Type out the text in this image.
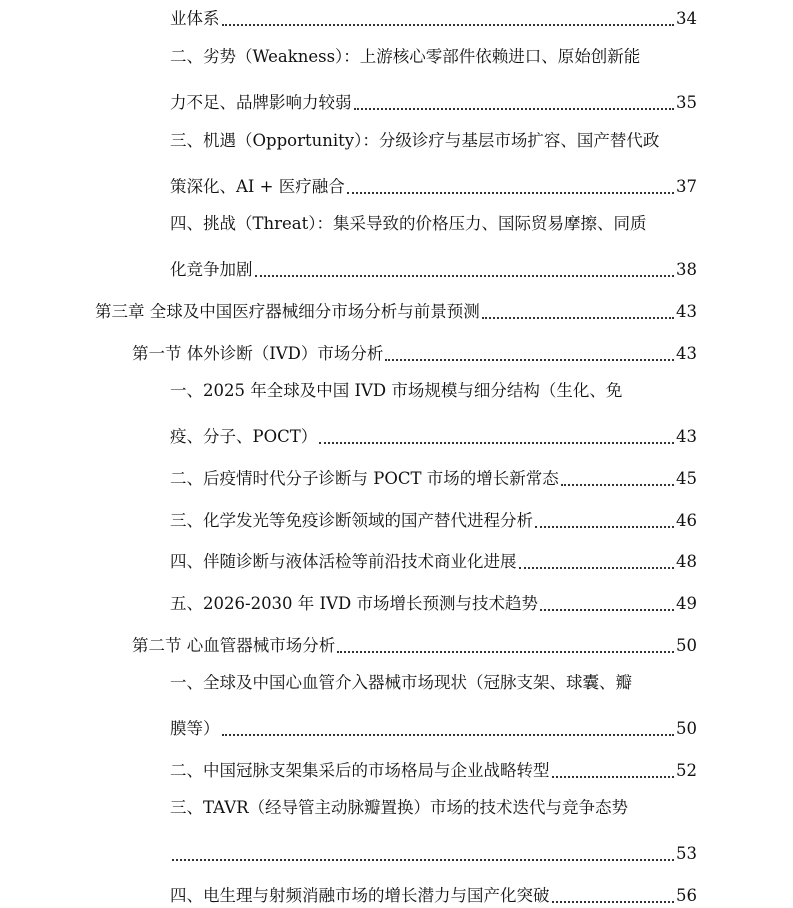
业体系	34
二、劣势（Weakness）：上游核心零部件依赖进口、原始创新能
力不足、品牌影响力较弱	35
三、机遇（Opportunity）：分级诊疗与基层市场扩容、国产替代政
策深化、AI + 医疗融合	37
四、挑战（Threat）：集采导致的价格压力、国际贸易摩擦、同质
化竞争加剧	38
第三章 全球及中国医疗器械细分市场分析与前景预测	43
第一节 体外诊断（IVD）市场分析	43
一、2025 年全球及中国 IVD 市场规模与细分结构（生化、免
疫、分子、POCT）	43
二、后疫情时代分子诊断与 POCT 市场的增长新常态	45
三、化学发光等免疫诊断领域的国产替代进程分析	46
四、伴随诊断与液体活检等前沿技术商业化进展	48
五、2026-2030 年 IVD 市场增长预测与技术趋势	49
第二节 心血管器械市场分析	50
一、全球及中国心血管介入器械市场现状（冠脉支架、球囊、瓣
膜等）	50
二、中国冠脉支架集采后的市场格局与企业战略转型	52
三、TAVR（经导管主动脉瓣置换）市场的技术迭代与竞争态势
53
四、电生理与射频消融市场的增长潜力与国产化突破	56
